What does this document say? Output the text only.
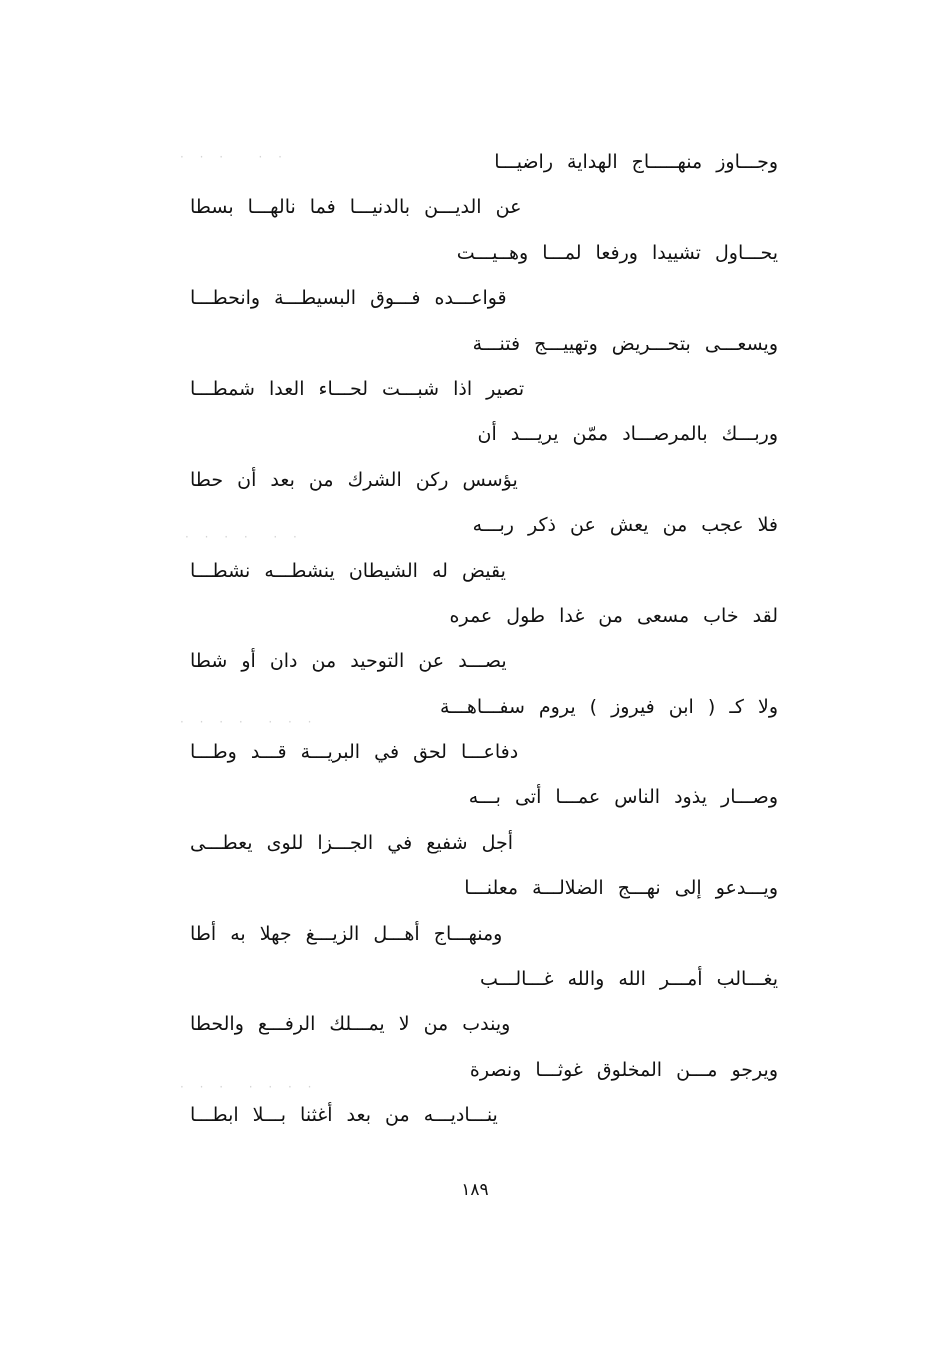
وجـــاوز منهـــــاج الهداية راضيـــا
عن الديـــن بالدنيـــا فما نالهـــا بسطا
يحـــاول تشييدا ورفعا لمـــا وهــيـــت
قواعـــده فـــوق البسيطـــة وانحطـــا
ويسعـــى بتحـــريض وتهييـــج فتنـــة
تصير اذا شبـــت لحـــاء العدا شمطـــا
وربـــك بالمرصـــاد ممّن يريـــد أن
يؤسس ركن الشرك من بعد أن حطا
فلا عجب من يعش عن ذكر ربـــه
يقيض له الشيطان ينشطـــه نشطـــا
لقد خاب مسعى من غدا طول عمره
يصـــد عن التوحيد من دان أو شطا
ولا كـ ( ابن فيروز ) يروم سفـــاهـــة
دفاعـــا لحق في البريـــة قـــد وطـــا
وصـــار يذود الناس عمـــا أتى بـــه
أجل شفيع في الجـــزا للوى يعطـــى
ويـــدعو إلى نهـــج الضلالـــة معلنـــا
ومنهـــاج أهـــل الزيـــغ جهلا به أطا
يغـــالب أمـــر الله والله غـــالـــب
ويندب من لا يمـــلك الرفـــع والحطا
ويرجو مـــن المخلوق غوثـــا ونصرة
ينـــاديـــه من بعد أغثنا بـــلا ابطـــا
· · ·   · ·
· · · ·  · ·
· · · ·  · · ·
· · ·  · · · ·
١٨٩
